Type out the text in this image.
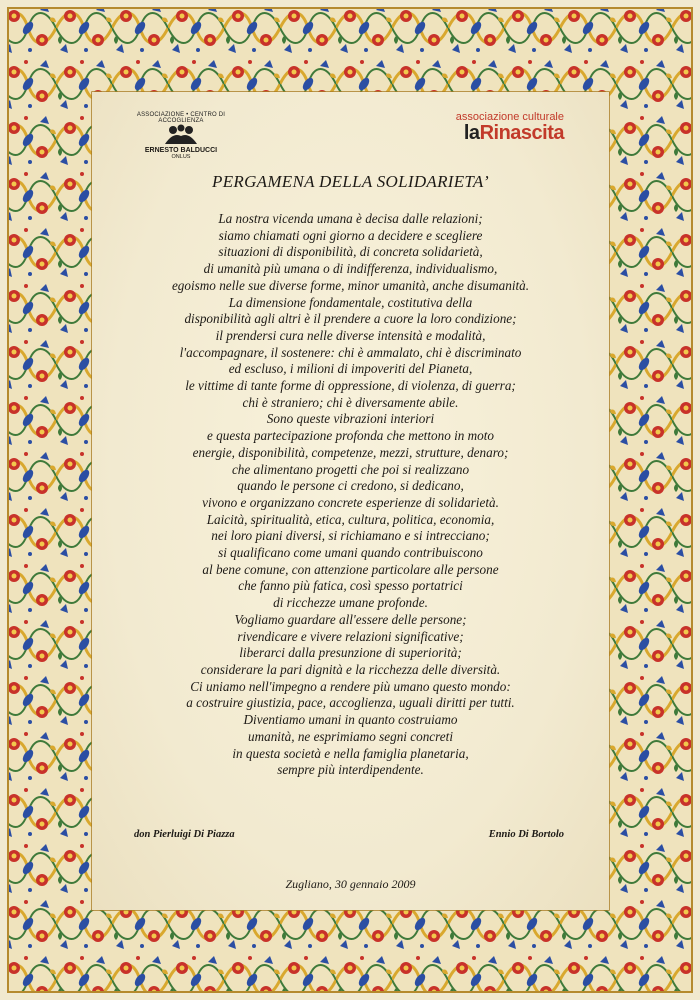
ASSOCIAZIONE • CENTRO DI ACCOGLIENZA
ERNESTO BALDUCCI
ONLUS
associazione culturale
laRinascita
PERGAMENA DELLA SOLIDARIETA’
La nostra vicenda umana è decisa dalle relazioni;
siamo chiamati ogni giorno a decidere e scegliere
situazioni di disponibilità, di concreta solidarietà,
di umanità più umana o di indifferenza, individualismo,
egoismo nelle sue diverse forme, minor umanità, anche disumanità.
La dimensione fondamentale, costitutiva della
disponibilità agli altri è il prendere a cuore la loro condizione;
il prendersi cura nelle diverse intensità e modalità,
l'accompagnare, il sostenere: chi è ammalato, chi è discriminato
ed escluso, i milioni di impoveriti del Pianeta,
le vittime di tante forme di oppressione, di violenza, di guerra;
chi è straniero; chi è diversamente abile.
Sono queste vibrazioni interiori
e questa partecipazione profonda che mettono in moto
energie, disponibilità, competenze, mezzi, strutture, denaro;
che alimentano progetti che poi si realizzano
quando le persone ci credono, si dedicano,
vivono e organizzano concrete esperienze di solidarietà.
Laicità, spiritualità, etica, cultura, politica, economia,
nei loro piani diversi, si richiamano e si intrecciano;
si qualificano come umani quando contribuiscono
al bene comune, con attenzione particolare alle persone
che fanno più fatica, così spesso portatrici
di ricchezze umane profonde.
Vogliamo guardare all'essere delle persone;
rivendicare e vivere relazioni significative;
liberarci dalla presunzione di superiorità;
considerare la pari dignità e la ricchezza delle diversità.
Ci uniamo nell'impegno a rendere più umano questo mondo:
a costruire giustizia, pace, accoglienza, uguali diritti per tutti.
Diventiamo umani in quanto costruiamo
umanità, ne esprimiamo segni concreti
in questa società e nella famiglia planetaria,
sempre più interdipendente.
don Pierluigi Di Piazza	Ennio Di Bortolo
Zugliano, 30 gennaio 2009
